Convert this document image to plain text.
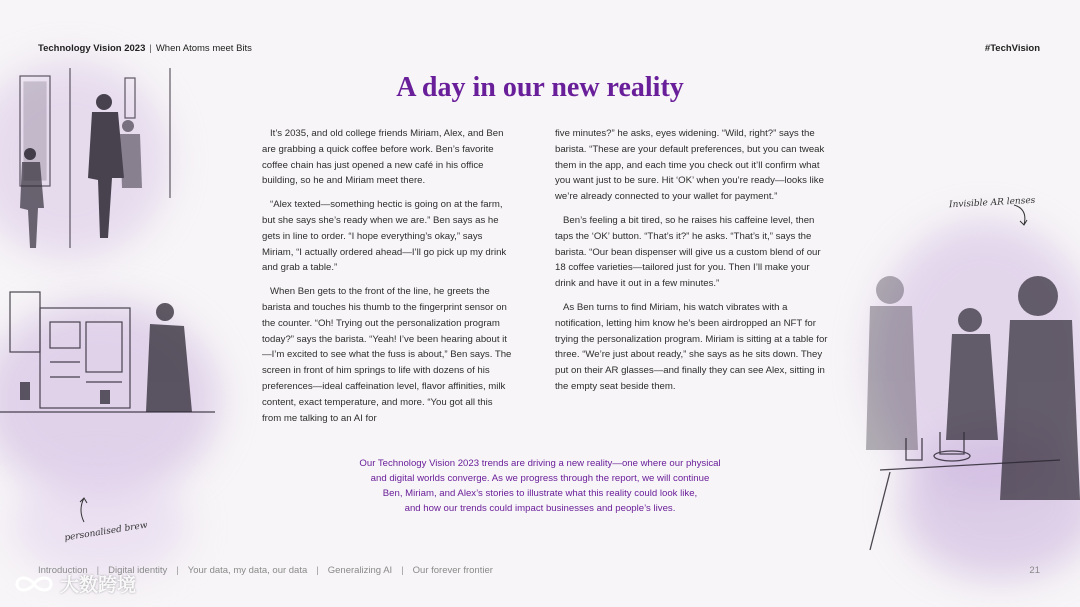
Technology Vision 2023 | When Atoms meet Bits	#TechVision
A day in our new reality

It’s 2035, and old college friends Miriam, Alex, and Ben are grabbing a quick coffee before work. Ben’s favorite coffee chain has just opened a new café in his office building, so he and Miriam meet there.

“Alex texted—something hectic is going on at the farm, but she says she’s ready when we are.” Ben says as he gets in line to order. “I hope everything’s okay,” says Miriam, “I actually ordered ahead—I’ll go pick up my drink and grab a table.”

When Ben gets to the front of the line, he greets the barista and touches his thumb to the fingerprint sensor on the counter. “Oh! Trying out the personalization program today?” says the barista. “Yeah! I’ve been hearing about it —I’m excited to see what the fuss is about,” Ben says. The screen in front of him springs to life with dozens of his preferences—ideal caffeination level, flavor affinities, milk content, exact temperature, and more. “You got all this from me talking to an AI for

five minutes?” he asks, eyes widening. “Wild, right?” says the barista. “These are your default preferences, but you can tweak them in the app, and each time you check out it’ll confirm what you want just to be sure. Hit ‘OK’ when you’re ready—looks like we’re already connected to your wallet for payment.”

Ben’s feeling a bit tired, so he raises his caffeine level, then taps the ‘OK’ button. “That’s it?” he asks. “That’s it,” says the barista. “Our bean dispenser will give us a custom blend of our 18 coffee varieties—tailored just for you. Then I’ll make your drink and have it out in a few minutes.”

As Ben turns to find Miriam, his watch vibrates with a notification, letting him know he’s been airdropped an NFT for trying the personalization program. Miriam is sitting at a table for three. “We’re just about ready,” she says as he sits down. They put on their AR glasses—and finally they can see Alex, sitting in the empty seat beside them.

Our Technology Vision 2023 trends are driving a new reality—one where our physical
and digital worlds converge. As we progress through the report, we will continue
Ben, Miriam, and Alex’s stories to illustrate what this reality could look like,
and how our trends could impact businesses and people’s lives.
Invisible AR lenses
personalised brew
Introduction | Digital identity | Your data, my data, our data | Generalizing AI | Our forever frontier	21
大数跨境
